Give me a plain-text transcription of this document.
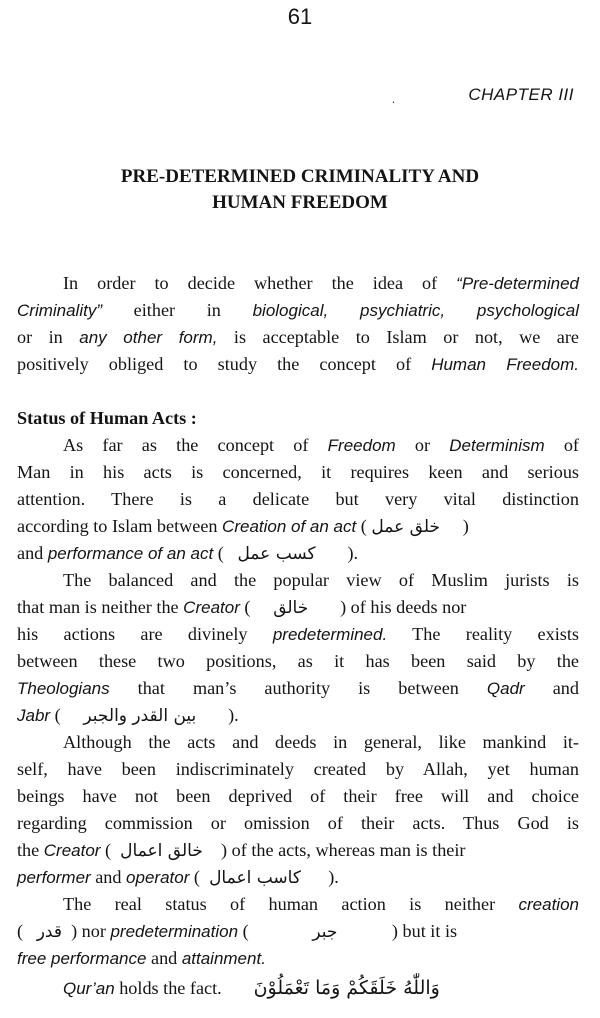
61
.	CHAPTER III
PRE-DETERMINED CRIMINALITY AND
HUMAN FREEDOM
In order to decide whether the idea of “Pre-determined
Criminality” either in biological, psychiatric, psychological
or in any other form, is acceptable to Islam or not, we are
positively obliged to study the concept of Human Freedom.
Status of Human Acts :
As far as the concept of Freedom or Determinism of
Man in his acts is concerned, it requires keen and serious
attention. There is a delicate but very vital distinction
according to Islam between Creation of an act ( خلق عمل     )
and performance of an act ( کسب عمل       ).
The balanced and the popular view of Muslim jurists is
that man is neither the Creator ( خالق       ) of his deeds nor
his actions are divinely predetermined. The reality exists
between these two positions, as it has been said by the
Theologians that man’s authority is between Qadr and
Jabr ( بين القدر والجبر       ).
Although the acts and deeds in general, like mankind it-
self, have been indiscriminately created by Allah, yet human
beings have not been deprived of their free will and choice
regarding commission or omission of their acts. Thus God is
the Creator ( خالق اعمال    ) of the acts, whereas man is their
performer and operator ( کاسب اعمال      ).
The real status of human action is neither creation
( قدر  ) nor predetermination (	جبر	) but it is
free performance and attainment.
Qur’an holds the fact. وَاللّٰهُ خَلَقَكُمْ وَمَا تَعْمَلُوْنَ
